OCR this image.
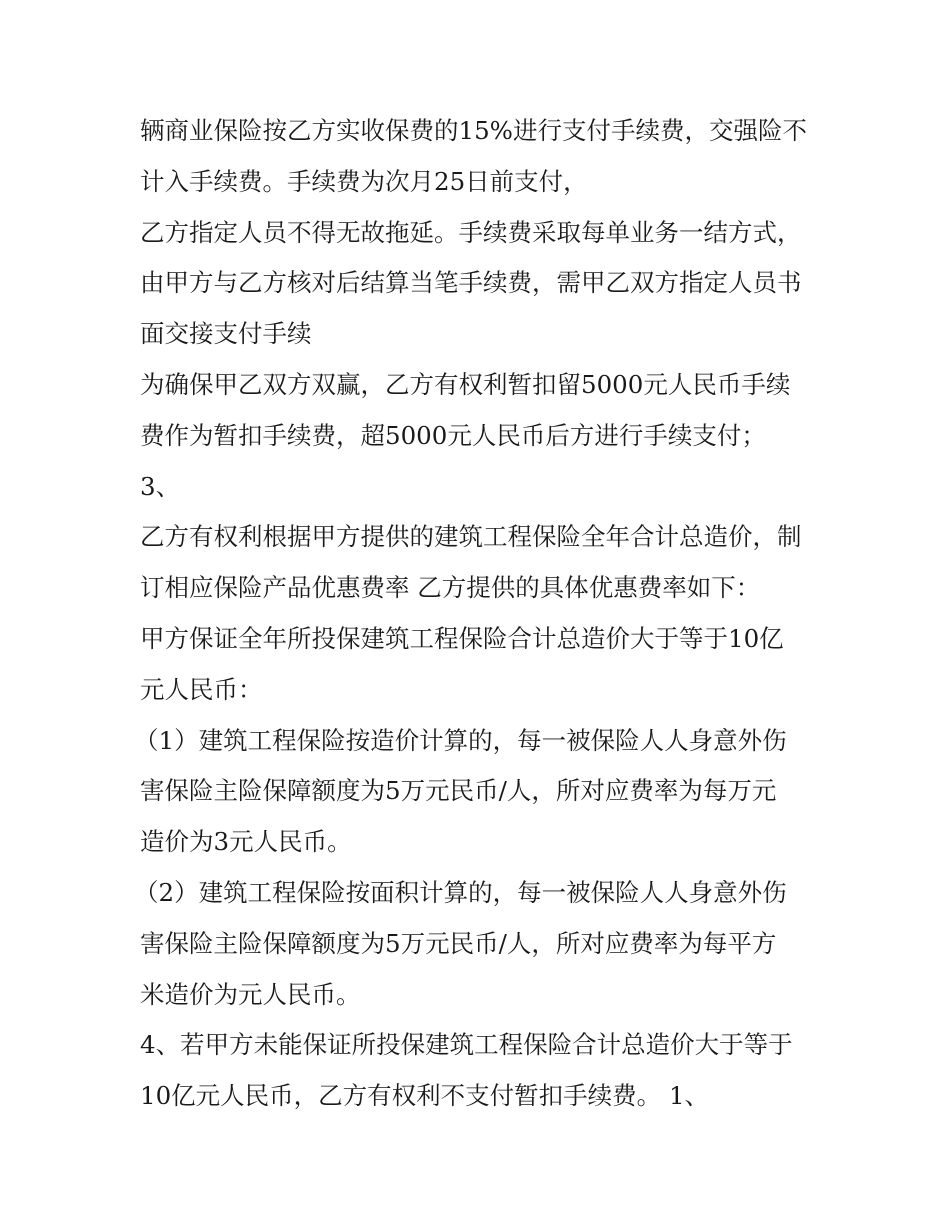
辆商业保险按乙方实收保费的15%进行支付手续费，交强险不
计入手续费。手续费为次月25日前支付，
乙方指定人员不得无故拖延。手续费采取每单业务一结方式，
由甲方与乙方核对后结算当笔手续费，需甲乙双方指定人员书
面交接支付手续
为确保甲乙双方双赢，乙方有权利暂扣留5000元人民币手续
费作为暂扣手续费，超5000元人民币后方进行手续支付；
3、
乙方有权利根据甲方提供的建筑工程保险全年合计总造价，制
订相应保险产品优惠费率 乙方提供的具体优惠费率如下：
甲方保证全年所投保建筑工程保险合计总造价大于等于10亿
元人民币：
（1）建筑工程保险按造价计算的，每一被保险人人身意外伤
害保险主险保障额度为5万元民币/人，所对应费率为每万元
造价为3元人民币。
（2）建筑工程保险按面积计算的，每一被保险人人身意外伤
害保险主险保障额度为5万元民币/人，所对应费率为每平方
米造价为元人民币。
4、若甲方未能保证所投保建筑工程保险合计总造价大于等于
10亿元人民币，乙方有权利不支付暂扣手续费。 1、
